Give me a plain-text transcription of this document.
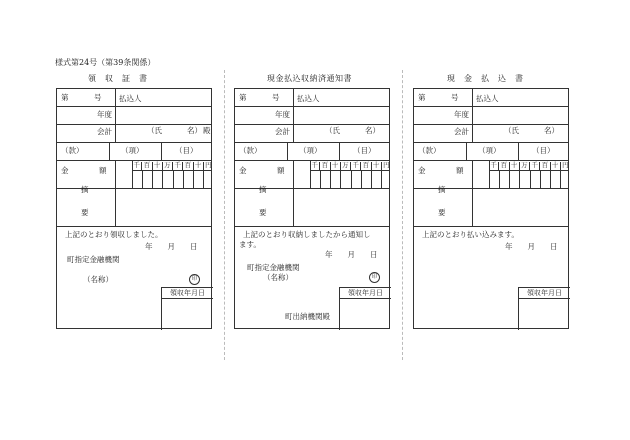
様式第24号（第39条関係）
領　収　証　書
千 百 十 万 千 百 十 円
第	号 払込人
年度
会計	（氏	名） 殿
（款）	（項）	（目）
金	額
摘
要
上記のとおり領収しました。
年　　月　　日
町指定金融機関
（名称）	印
領収年月日
現金払込収納済通知書
千 百 十 万 千 百 十 円
第	号 払込人
年度
会計	（氏	名）
（款）	（項）	（目）
金	額
摘
要
上記のとおり収納しましたから通知し
ます。
年　　月　　日
町指定金融機関
（名称）	印
領収年月日
町出納機関殿
現　金　払　込　書
千 百 十 万 千 百 十 円
第	号 払込人
年度
会計	（氏	名）
（款）	（項）	（目）
金	額
摘
要
上記のとおり払い込みます。
年　　月　　日
領収年月日
